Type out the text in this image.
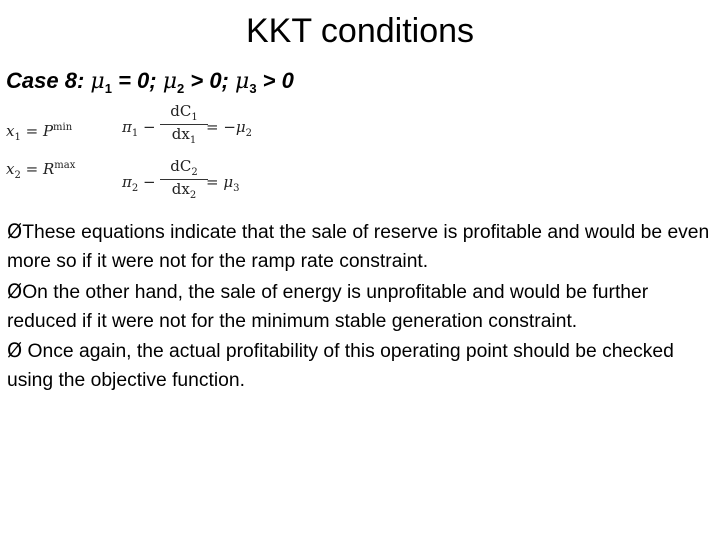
KKT conditions
Case 8: $\mu_1 = 0$; $\mu_2 > 0$; $\mu_3 > 0$
$x_1 = P^{min}$
$x_2 = R^{max}$
$\pi_1 - \frac{dC_1}{dx_1}$
= $-\mu_2$
$\pi_2 - \frac{dC_2}{dx_2}$
= $\mu_3$

ØThese equations indicate that the sale of reserve is profitable and would be even more so if it were not for the ramp rate constraint.

ØOn the other hand, the sale of energy is unprofitable and would be further reduced if it were not for the minimum stable generation constraint.

Ø Once again, the actual profitability of this operating point should be checked using the objective function.
